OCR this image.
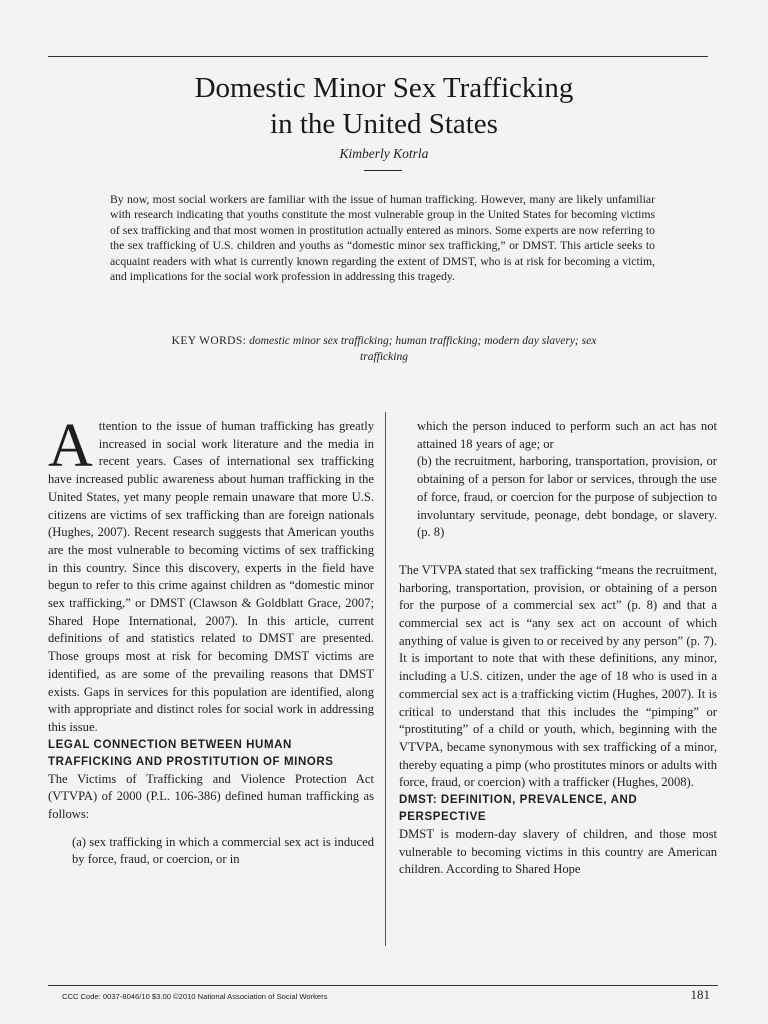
Domestic Minor Sex Trafficking
in the United States
Kimberly Kotrla
By now, most social workers are familiar with the issue of human trafficking. However, many are likely unfamiliar with research indicating that youths constitute the most vulnerable group in the United States for becoming victims of sex trafficking and that most women in prostitution actually entered as minors. Some experts are now referring to the sex trafficking of U.S. children and youths as “domestic minor sex trafficking,” or DMST. This article seeks to acquaint readers with what is currently known regarding the extent of DMST, who is at risk for becoming a victim, and implications for the social work profession in addressing this tragedy.
KEY WORDS: domestic minor sex trafficking; human trafficking; modern day slavery; sex trafficking

Attention to the issue of human trafficking has greatly increased in social work literature and the media in recent years. Cases of international sex trafficking have increased public awareness about human trafficking in the United States, yet many people remain unaware that more U.S. citizens are victims of sex trafficking than are foreign nationals (Hughes, 2007). Recent research suggests that American youths are the most vulnerable to becoming victims of sex trafficking in this country. Since this discovery, experts in the field have begun to refer to this crime against children as “domestic minor sex trafficking,” or DMST (Clawson & Goldblatt Grace, 2007; Shared Hope International, 2007). In this article, current definitions of and statistics related to DMST are presented. Those groups most at risk for becoming DMST victims are identified, as are some of the prevailing reasons that DMST exists. Gaps in services for this population are identified, along with appropriate and distinct roles for social work in addressing this issue.

LEGAL CONNECTION BETWEEN HUMAN TRAFFICKING AND PROSTITUTION OF MINORS

The Victims of Trafficking and Violence Protection Act (VTVPA) of 2000 (P.L. 106-386) defined human trafficking as follows:

(a) sex trafficking in which a commercial sex act is induced by force, fraud, or coercion, or in

which the person induced to perform such an act has not attained 18 years of age; or

(b) the recruitment, harboring, transportation, provision, or obtaining of a person for labor or services, through the use of force, fraud, or coercion for the purpose of subjection to involuntary servitude, peonage, debt bondage, or slavery. (p. 8)

The VTVPA stated that sex trafficking “means the recruitment, harboring, transportation, provision, or obtaining of a person for the purpose of a commercial sex act” (p. 8) and that a commercial sex act is “any sex act on account of which anything of value is given to or received by any person” (p. 7). It is important to note that with these definitions, any minor, including a U.S. citizen, under the age of 18 who is used in a commercial sex act is a trafficking victim (Hughes, 2007). It is critical to understand that this includes the “pimping” or “prostituting” of a child or youth, which, beginning with the VTVPA, became synonymous with sex trafficking of a minor, thereby equating a pimp (who prostitutes minors or adults with force, fraud, or coercion) with a trafficker (Hughes, 2008).

DMST: DEFINITION, PREVALENCE, AND PERSPECTIVE

DMST is modern-day slavery of children, and those most vulnerable to becoming victims in this country are American children. According to Shared Hope

CCC Code: 0037-8046/10 $3.00 ©2010 National Association of Social Workers	181
